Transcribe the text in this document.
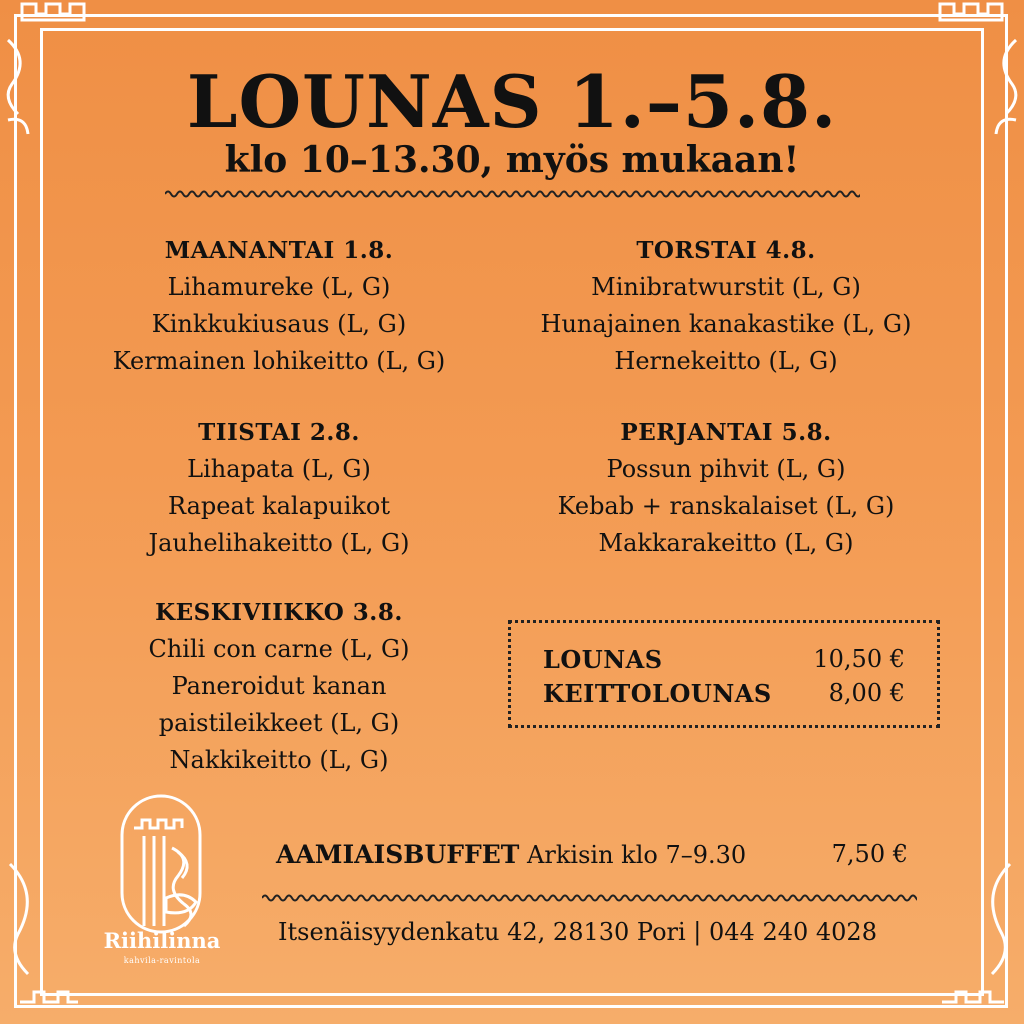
LOUNAS 1.–5.8.
klo 10–13.30, myös mukaan!
MAANANTAI 1.8.
Lihamureke (L, G)
Kinkkukiusaus (L, G)
Kermainen lohikeitto (L, G)
TIISTAI 2.8.
Lihapata (L, G)
Rapeat kalapuikot
Jauhelihakeitto (L, G)
KESKIVIIKKO 3.8.
Chili con carne (L, G)
Paneroidut kanan
paistileikkeet (L, G)
Nakkikeitto (L, G)
TORSTAI 4.8.
Minibratwurstit (L, G)
Hunajainen kanakastike (L, G)
Hernekeitto (L, G)
PERJANTAI 5.8.
Possun pihvit (L, G)
Kebab + ranskalaiset (L, G)
Makkarakeitto (L, G)
LOUNAS	10,50 €
KEITTOLOUNAS 8,00 €
AAMIAISBUFFET Arkisin klo 7–9.30	7,50 €
Itsenäisyydenkatu 42, 28130 Pori | 044 240 4028
Riihilinna
kahvila-ravintola
